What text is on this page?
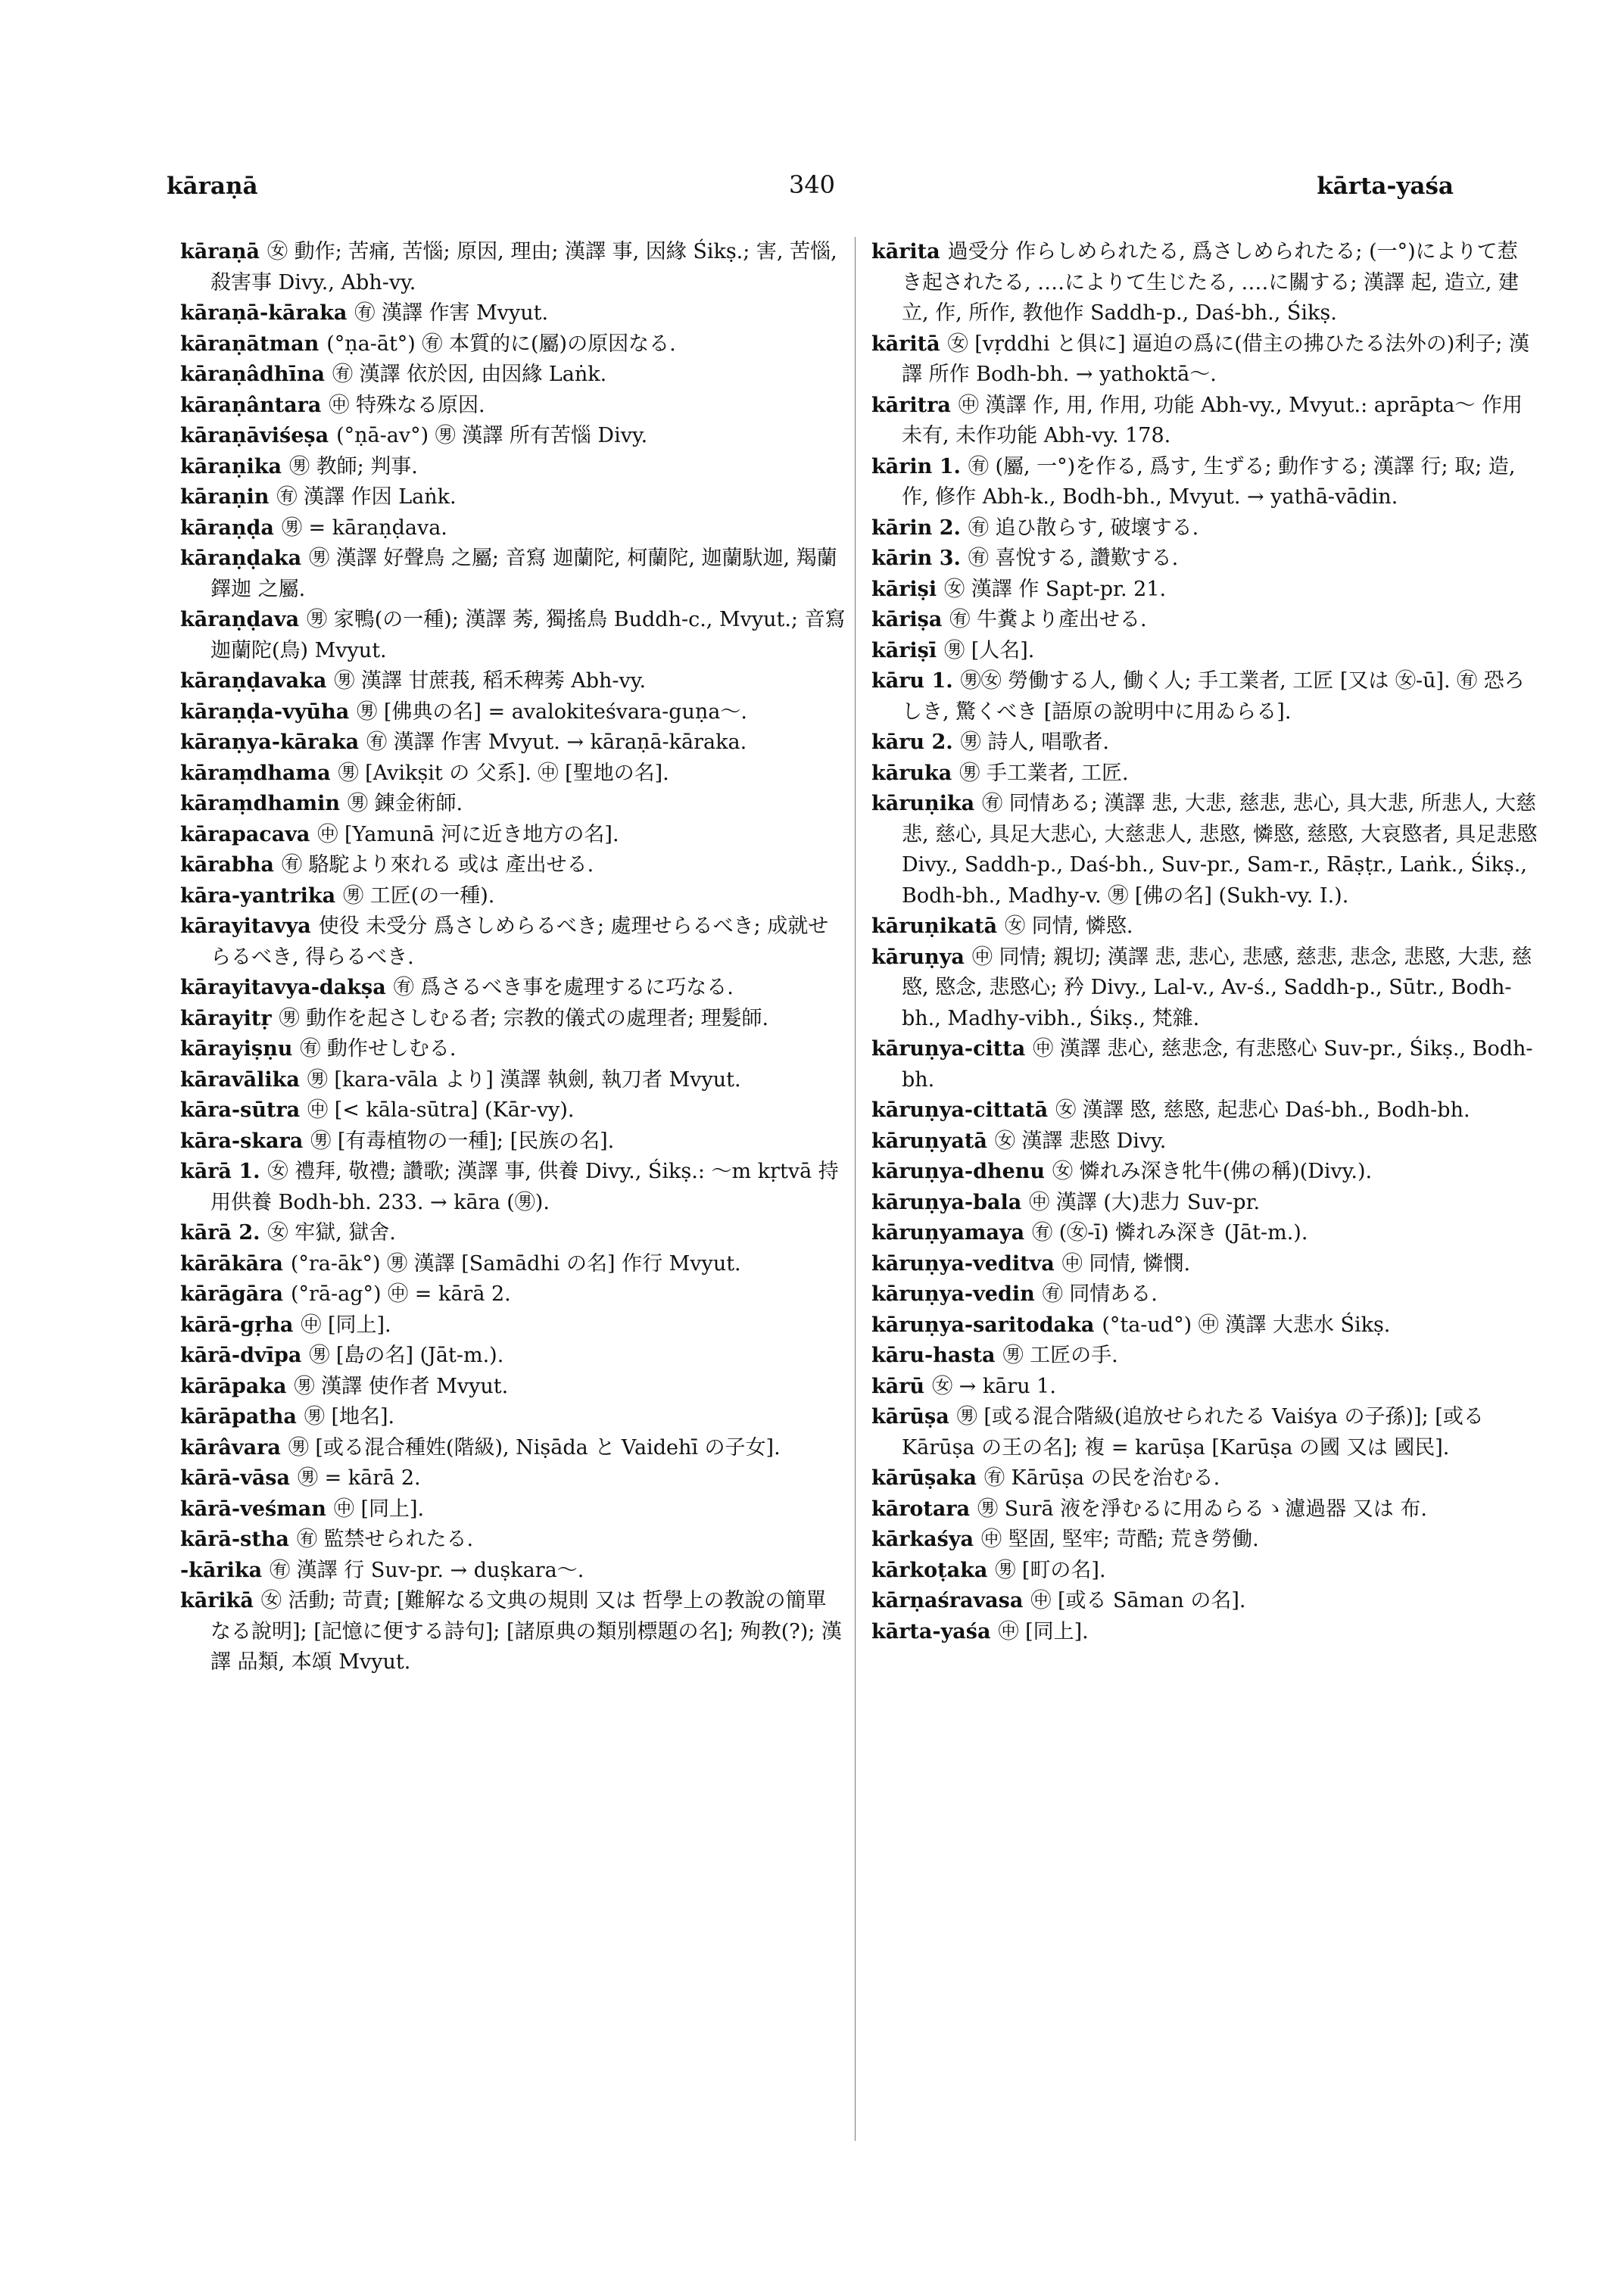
kāraṇā	340	kārta-yaśa

kāraṇā ㊛ 動作; 苦痛, 苦惱; 原因, 理由; 漢譯 事, 因緣 Śikṣ.; 害, 苦惱, 殺害事 Divy., Abh-vy.

kāraṇā-kāraka ㊒ 漢譯 作害 Mvyut.

kāraṇātman (°ṇa-āt°) ㊒ 本質的に(屬)の原因なる.

kāraṇâdhīna ㊒ 漢譯 依於因, 由因緣 Laṅk.

kāraṇântara ㊥ 特殊なる原因.

kāraṇāviśeṣa (°ṇā-av°) ㊚ 漢譯 所有苦惱 Divy.

kāraṇika ㊚ 教師; 判事.

kāraṇin ㊒ 漢譯 作因 Laṅk.

kāraṇḍa ㊚ = kāraṇḍava.

kāraṇḍaka ㊚ 漢譯 好聲鳥 之屬; 音寫 迦蘭陀, 柯蘭陀, 迦蘭馱迦, 羯蘭鐸迦 之屬.

kāraṇḍava ㊚ 家鴨(の一種); 漢譯 莠, 獨搖鳥 Buddh-c., Mvyut.; 音寫 迦蘭陀(鳥) Mvyut.

kāraṇḍavaka ㊚ 漢譯 甘蔗莪, 稻禾稗莠 Abh-vy.

kāraṇḍa-vyūha ㊚ [佛典の名] = avalokiteśvara-guṇa〜.

kāraṇya-kāraka ㊒ 漢譯 作害 Mvyut. → kāraṇā-kāraka.

kāraṃdhama ㊚ [Avikṣit の 父系]. ㊥ [聖地の名].

kāraṃdhamin ㊚ 錬金術師.

kārapacava ㊥ [Yamunā 河に近き地方の名].

kārabha ㊒ 駱駝より來れる 或は 產出せる.

kāra-yantrika ㊚ 工匠(の一種).

kārayitavya 使役 未受分 爲さしめらるべき; 處理せらるべき; 成就せらるべき, 得らるべき.

kārayitavya-dakṣa ㊒ 爲さるべき事を處理するに巧なる.

kārayitṛ ㊚ 動作を起さしむる者; 宗教的儀式の處理者; 理髮師.

kārayiṣṇu ㊒ 動作せしむる.

kāravālika ㊚ [kara-vāla より] 漢譯 執劍, 執刀者 Mvyut.

kāra-sūtra ㊥ [< kāla-sūtra] (Kār-vy).

kāra-skara ㊚ [有毒植物の一種]; [民族の名].

kārā 1. ㊛ 禮拜, 敬禮; 讚歌; 漢譯 事, 供養 Divy., Śikṣ.: 〜m kṛtvā 持用供養 Bodh-bh. 233. → kāra (㊚).

kārā 2. ㊛ 牢獄, 獄舍.

kārākāra (°ra-āk°) ㊚ 漢譯 [Samādhi の名] 作行 Mvyut.

kārāgāra (°rā-ag°) ㊥ = kārā 2.

kārā-gṛha ㊥ [同上].

kārā-dvīpa ㊚ [島の名] (Jāt-m.).

kārāpaka ㊚ 漢譯 使作者 Mvyut.

kārāpatha ㊚ [地名].

kārâvara ㊚ [或る混合種姓(階級), Niṣāda と Vaidehī の子女].

kārā-vāsa ㊚ = kārā 2.

kārā-veśman ㊥ [同上].

kārā-stha ㊒ 監禁せられたる.

-kārika ㊒ 漢譯 行 Suv-pr. → duṣkara〜.

kārikā ㊛ 活動; 苛責; [難解なる文典の規則 又は 哲學上の教說の簡單なる說明]; [記憶に便する詩句]; [諸原典の類別標題の名]; 殉教(?); 漢譯 品類, 本頌 Mvyut.

kārita 過受分 作らしめられたる, 爲さしめられたる; (一°)によりて惹き起されたる, ‥‥によりて生じたる, ‥‥に關する; 漢譯 起, 造立, 建立, 作, 所作, 教他作 Saddh-p., Daś-bh., Śikṣ.

kāritā ㊛ [vṛddhi と俱に] 逼迫の爲に(借主の拂ひたる法外の)利子; 漢譯 所作 Bodh-bh. → yathoktā〜.

kāritra ㊥ 漢譯 作, 用, 作用, 功能 Abh-vy., Mvyut.: aprāpta〜 作用未有, 未作功能 Abh-vy. 178.

kārin 1. ㊒ (屬, 一°)を作る, 爲す, 生ずる; 動作する; 漢譯 行; 取; 造, 作, 修作 Abh-k., Bodh-bh., Mvyut. → yathā-vādin.

kārin 2. ㊒ 追ひ散らす, 破壞する.

kārin 3. ㊒ 喜悅する, 讚歎する.

kāriṣi ㊛ 漢譯 作 Sapt-pr. 21.

kāriṣa ㊒ 牛糞より產出せる.

kāriṣī ㊚ [人名].

kāru 1. ㊚㊛ 勞働する人, 働く人; 手工業者, 工匠 [又は ㊛-ū]. ㊒ 恐ろしき, 驚くべき [語原の說明中に用ゐらる].

kāru 2. ㊚ 詩人, 唱歌者.

kāruka ㊚ 手工業者, 工匠.

kāruṇika ㊒ 同情ある; 漢譯 悲, 大悲, 慈悲, 悲心, 具大悲, 所悲人, 大慈悲, 慈心, 具足大悲心, 大慈悲人, 悲愍, 憐愍, 慈愍, 大哀愍者, 具足悲愍 Divy., Saddh-p., Daś-bh., Suv-pr., Sam-r., Rāṣṭr., Laṅk., Śikṣ., Bodh-bh., Madhy-v. ㊚ [佛の名] (Sukh-vy. I.).

kāruṇikatā ㊛ 同情, 憐愍.

kāruṇya ㊥ 同情; 親切; 漢譯 悲, 悲心, 悲感, 慈悲, 悲念, 悲愍, 大悲, 慈愍, 愍念, 悲愍心; 矜 Divy., Lal-v., Av-ś., Saddh-p., Sūtr., Bodh-bh., Madhy-vibh., Śikṣ., 梵雜.

kāruṇya-citta ㊥ 漢譯 悲心, 慈悲念, 有悲愍心 Suv-pr., Śikṣ., Bodh-bh.

kāruṇya-cittatā ㊛ 漢譯 愍, 慈愍, 起悲心 Daś-bh., Bodh-bh.

kāruṇyatā ㊛ 漢譯 悲愍 Divy.

kāruṇya-dhenu ㊛ 憐れみ深き牝牛(佛の稱)(Divy.).

kāruṇya-bala ㊥ 漢譯 (大)悲力 Suv-pr.

kāruṇyamaya ㊒ (㊛-ī) 憐れみ深き (Jāt-m.).

kāruṇya-veditva ㊥ 同情, 憐憫.

kāruṇya-vedin ㊒ 同情ある.

kāruṇya-saritodaka (°ta-ud°) ㊥ 漢譯 大悲水 Śikṣ.

kāru-hasta ㊚ 工匠の手.

kārū ㊛ → kāru 1.

kārūṣa ㊚ [或る混合階級(追放せられたる Vaiśya の子孫)]; [或る Kārūṣa の王の名]; 複 = karūṣa [Karūṣa の國 又は 國民].

kārūṣaka ㊒ Kārūṣa の民を治むる.

kārotara ㊚ Surā 液を淨むるに用ゐらるゝ濾過器 又は 布.

kārkaśya ㊥ 堅固, 堅牢; 苛酷; 荒き勞働.

kārkoṭaka ㊚ [町の名].

kārṇaśravasa ㊥ [或る Sāman の名].

kārta-yaśa ㊥ [同上].
